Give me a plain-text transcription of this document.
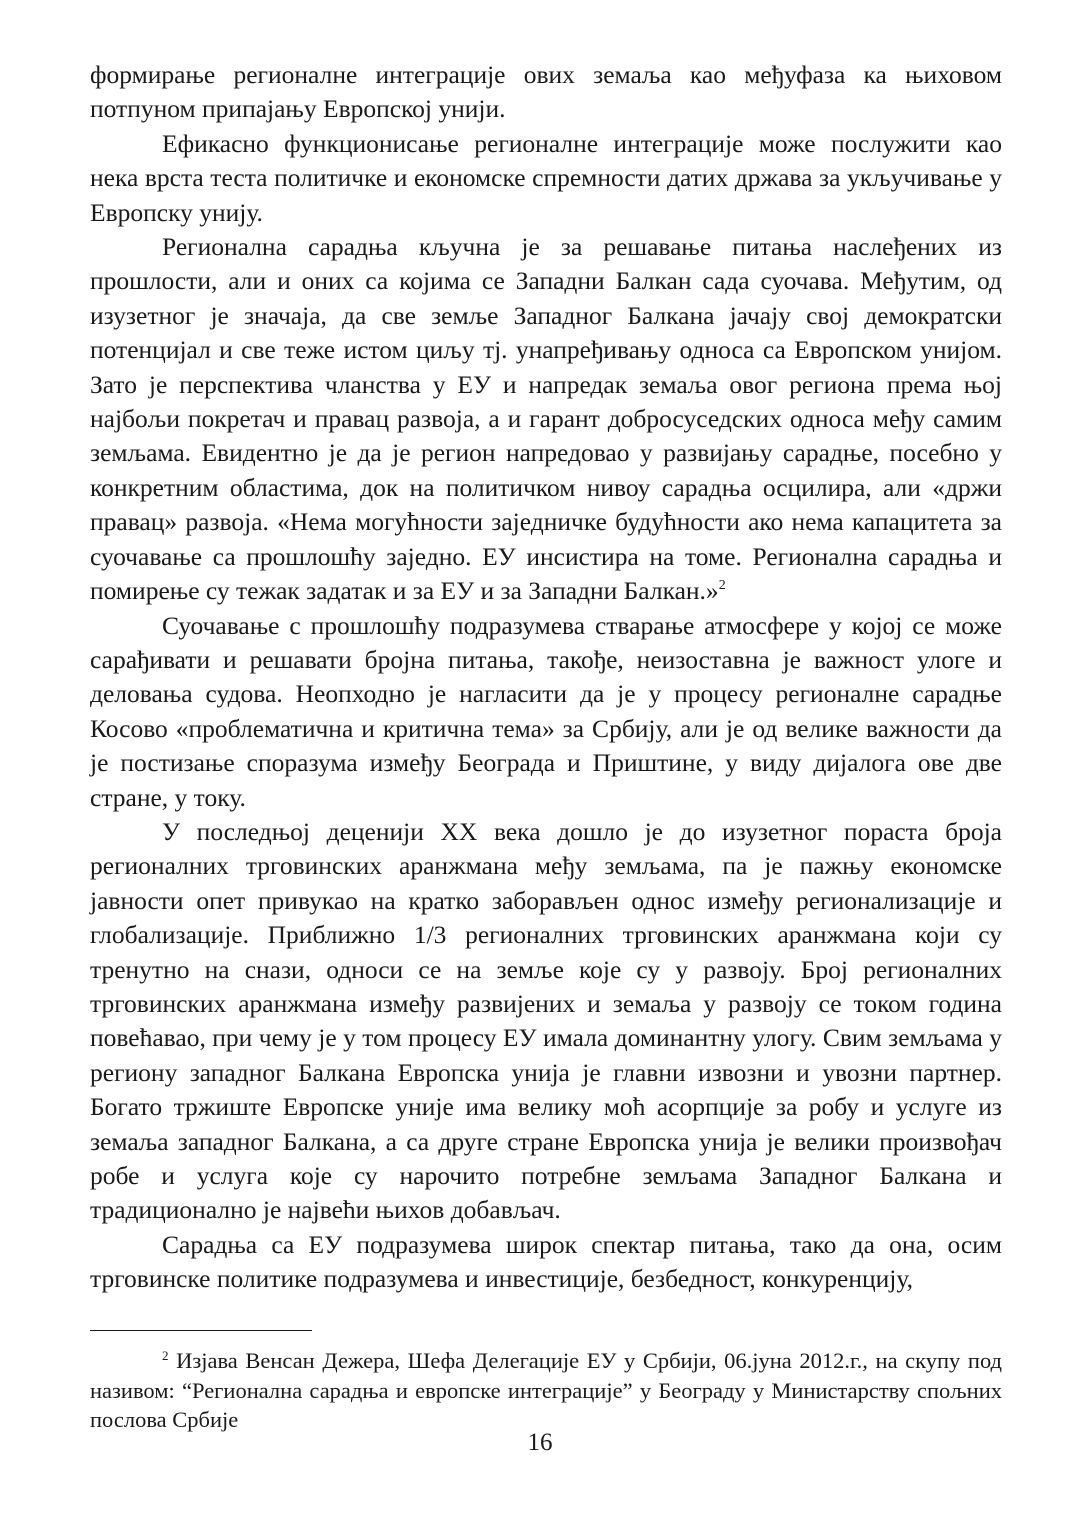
формирање регионалне интеграције ових земаља као међуфаза ка њиховом потпуном припајању Европској унији.

Ефикасно функционисање регионалне интеграције може послужити као нека врста теста политичке и економске спремности датих држава за укључивање у Европску унију.

Регионална сарадња кључна је за решавање питања наслеђених из прошлости, али и оних са којима се Западни Балкан сада суочава. Међутим, од изузетног је значаја, да све земље Западног Балкана јачају свој демократски потенцијал и све теже истом циљу тј. унапређивању односа са Европском унијом. Зато је перспектива чланства у ЕУ и напредак земаља овог региона према њој најбољи покретач и правац развоја, а и гарант добросуседских односа међу самим земљама. Евидентно је да је регион напредовао у развијању сарадње, посебно у конкретним областима, док на политичком нивоу сарадња осцилира, али «држи правац» развоја. «Нема могућности заједничке будућности ако нема капацитета за суочавање са прошлошћу заједно. ЕУ инсистира на томе. Регионална сарадња и помирење су тежак задатак и за ЕУ и за Западни Балкан.»$^2$

Суочавање с прошлошћу подразумева стварање атмосфере у којој се може сарађивати и решавати бројна питања, такође, неизоставна је важност улоге и деловања судова. Неопходно је нагласити да је у процесу регионалне сарадње Косово «проблематична и критична тема» за Србију, али је од велике важности да је постизање споразума између Београда и Приштине, у виду дијалога ове две стране, у току.

У последњој деценији XX века дошло је до изузетног пораста броја регионалних трговинских аранжмана међу земљама, па је пажњу економске јавности опет привукао на кратко заборављен однос између регионализације и глобализације. Приближно 1/3 регионалних трговинских аранжмана који су тренутно на снази, односи се на земље које су у развоју. Број регионалних трговинских аранжмана између развијених и земаља у развоју се током година повећавао, при чему је у том процесу ЕУ имала доминантну улогу. Свим земљама у региону западног Балкана Европска унија је главни извозни и увозни партнер. Богато тржиште Европске уније има велику моћ асорпције за робу и услуге из земаља западног Балкана, а са друге стране Европска унија је велики произвођач робе и услуга које су нарочито потребне земљама Западног Балкана и традиционално је највећи њихов добављач.

Сарадња са ЕУ подразумева широк спектар питања, тако да она, осим трговинске политике подразумева и инвестиције, безбедност, конкуренцију,

$^2$ Изјава Венсан Дежера, Шефа Делегације ЕУ у Србији, 06.јуна 2012.г., на скупу под називом: “Регионална сарадња и европске интеграције” у Београду у Министарству спољних послова Србије

16
